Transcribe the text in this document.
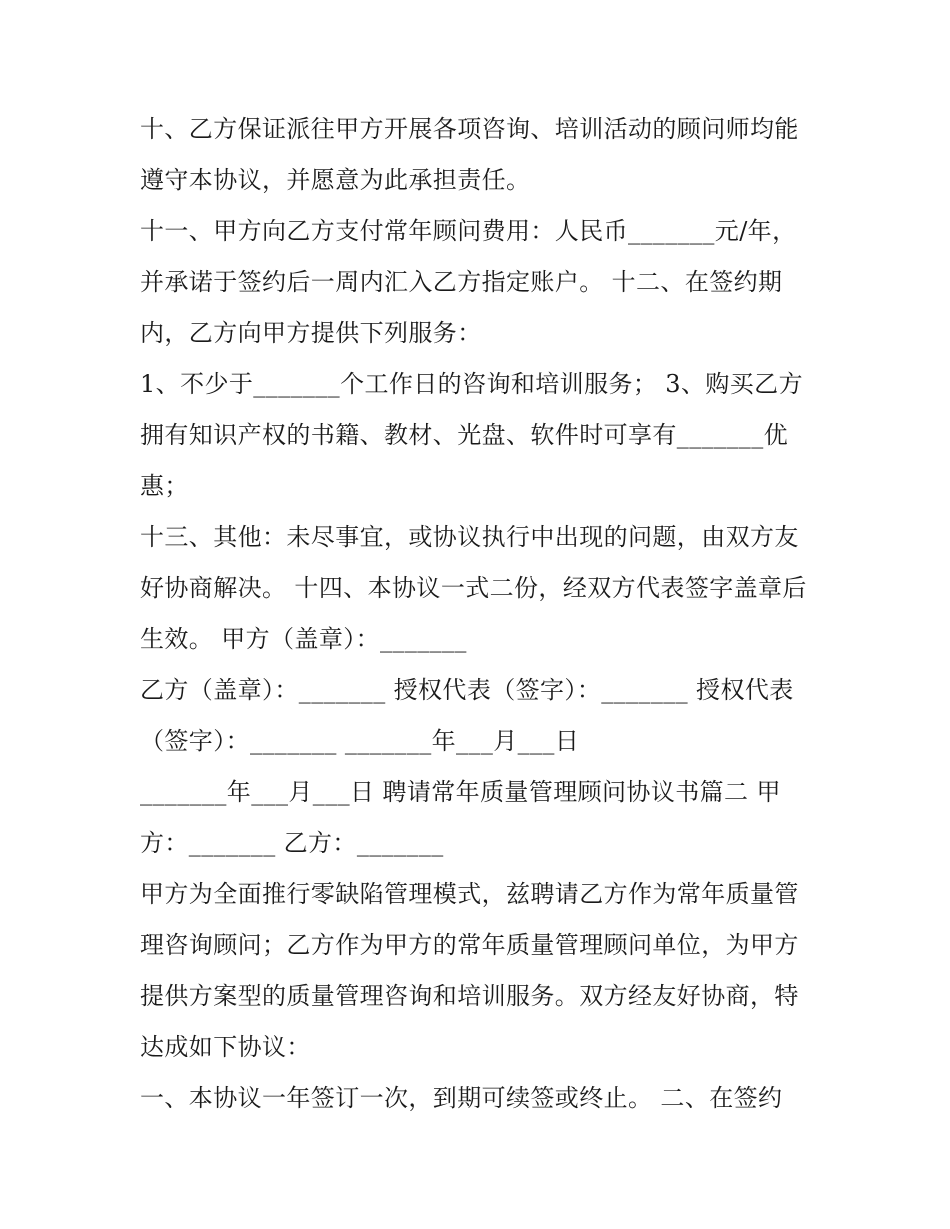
十、乙方保证派往甲方开展各项咨询、培训活动的顾问师均能遵守本协议，并愿意为此承担责任。

十一、甲方向乙方支付常年顾问费用：人民币_______元/年，并承诺于签约后一周内汇入乙方指定账户。 十二、在签约期内，乙方向甲方提供下列服务：

1、不少于_______个工作日的咨询和培训服务； 3、购买乙方拥有知识产权的书籍、教材、光盘、软件时可享有_______优惠；

十三、其他：未尽事宜，或协议执行中出现的问题，由双方友好协商解决。 十四、本协议一式二份，经双方代表签字盖章后生效。 甲方（盖章）：_______

乙方（盖章）：_______ 授权代表（签字）：_______ 授权代表（签字）：_______ _______年___月___日

_______年___月___日 聘请常年质量管理顾问协议书篇二 甲方：_______ 乙方：_______

甲方为全面推行零缺陷管理模式，兹聘请乙方作为常年质量管理咨询顾问；乙方作为甲方的常年质量管理顾问单位，为甲方提供方案型的质量管理咨询和培训服务。双方经友好协商，特达成如下协议：

一、本协议一年签订一次，到期可续签或终止。 二、在签约
